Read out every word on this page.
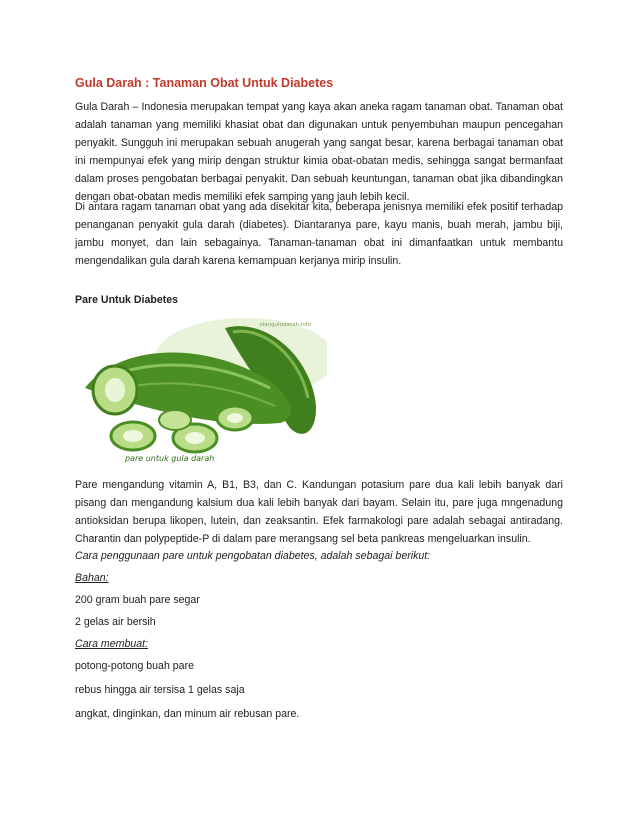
Gula Darah : Tanaman Obat Untuk Diabetes

Gula Darah – Indonesia merupakan tempat yang kaya akan aneka ragam tanaman obat. Tanaman obat adalah tanaman yang memiliki khasiat obat dan digunakan untuk penyembuhan maupun pencegahan penyakit. Sungguh ini merupakan sebuah anugerah yang sangat besar, karena berbagai tanaman obat ini mempunyai efek yang mirip dengan struktur kimia obat-obatan medis, sehingga sangat bermanfaat dalam proses pengobatan berbagai penyakit. Dan sebuah keuntungan, tanaman obat jika dibandingkan dengan obat-obatan medis memiliki efek samping yang jauh lebih kecil.

Di antara ragam tanaman obat yang ada disekitar kita, beberapa jenisnya memiliki efek positif terhadap penanganan penyakit gula darah (diabetes). Diantaranya pare, kayu manis, buah merah, jambu biji, jambu monyet, dan lain sebagainya. Tanaman-tanaman obat ini dimanfaatkan untuk membantu mengendalikan gula darah karena kemampuan kerjanya mirip insulin.

Pare Untuk Diabetes
olangulodarah.info
pare untuk gula darah

Pare mengandung vitamin A, B1, B3, dan C. Kandungan potasium pare dua kali lebih banyak dari pisang dan mengandung kalsium dua kali lebih banyak dari bayam. Selain itu, pare juga mngenadung antioksidan berupa likopen, lutein, dan zeaksantin. Efek farmakologi pare adalah sebagai antiradang. Charantin dan polypeptide-P di dalam pare merangsang sel beta pankreas mengeluarkan insulin.

Cara penggunaan pare untuk pengobatan diabetes, adalah sebagai berikut:
Bahan:
200 gram buah pare segar
2 gelas air bersih
Cara membuat:
potong-potong buah pare
rebus hingga air tersisa 1 gelas saja
angkat, dinginkan, dan minum air rebusan pare.
